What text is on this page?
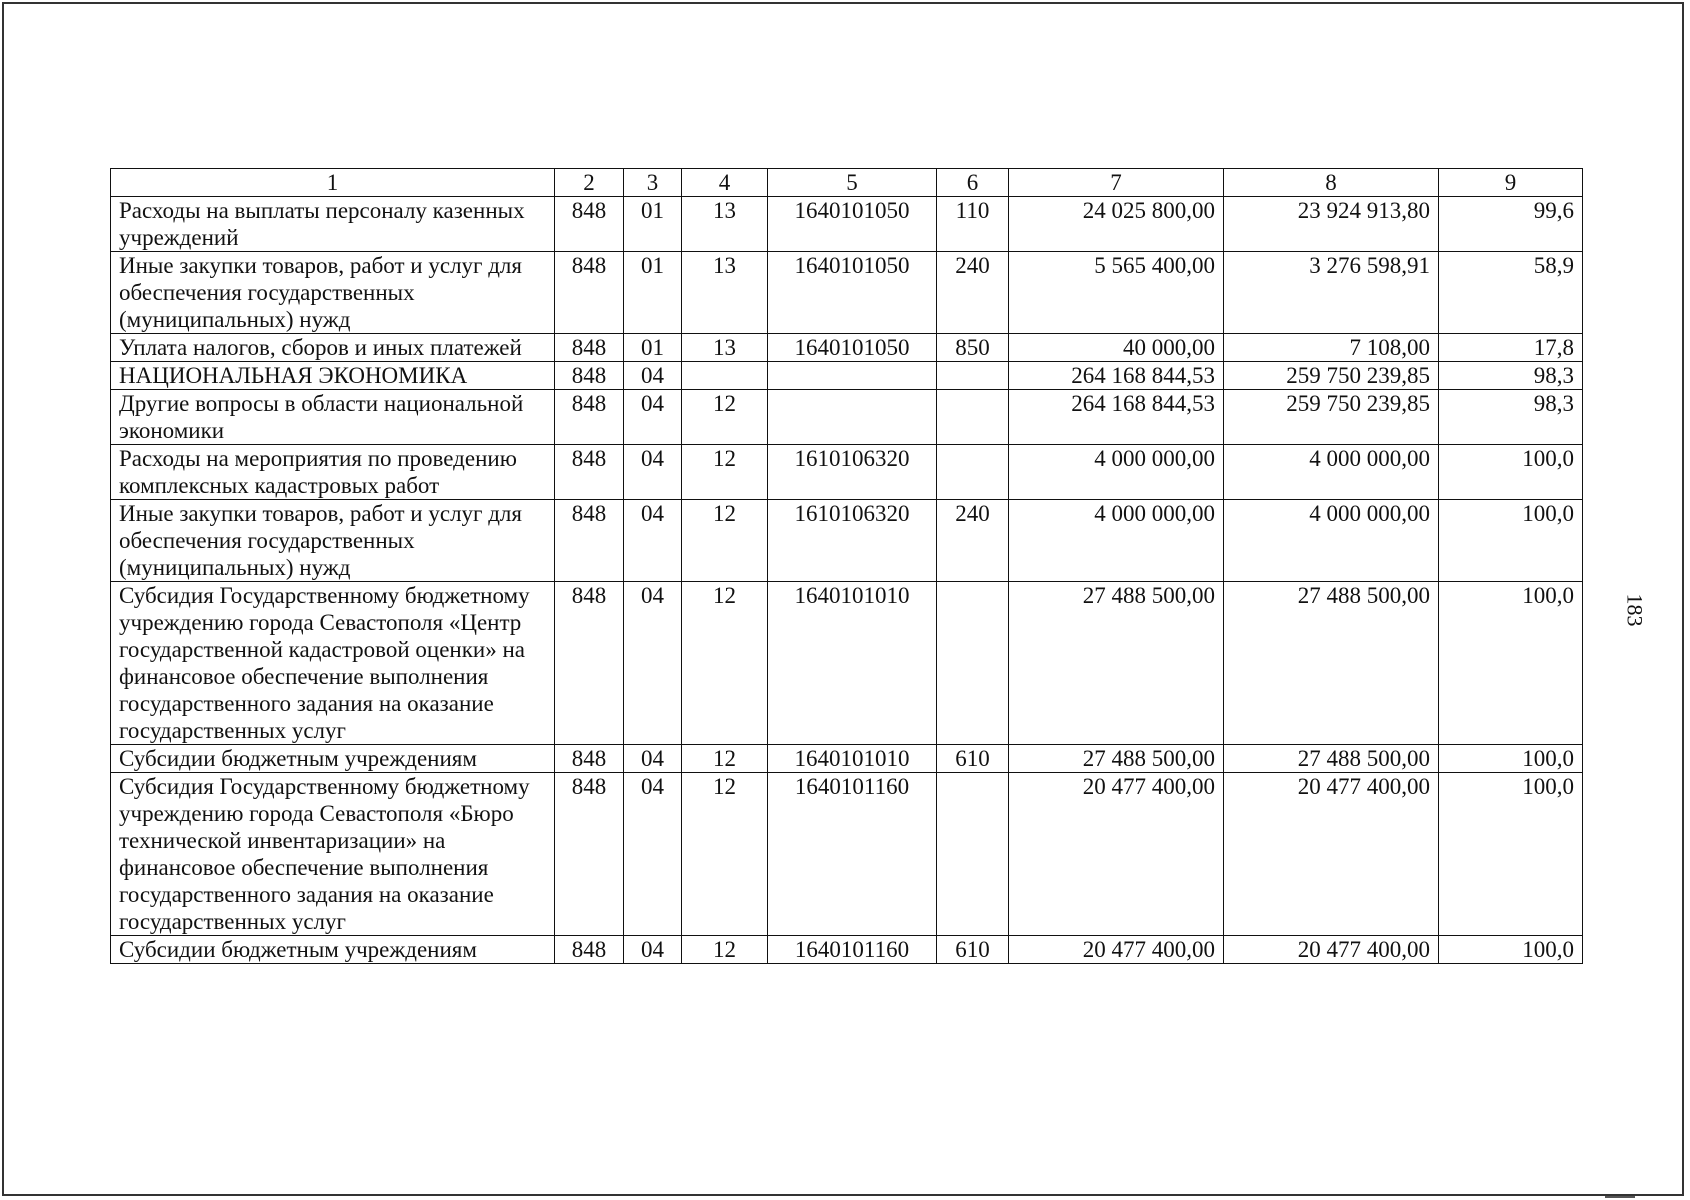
183
1	2	3	4	5	6	7	8	9
Расходы на выплаты персоналу казенных учреждений	848	01	13	1640101050	110	24 025 800,00	23 924 913,80	99,6
Иные закупки товаров, работ и услуг для обеспечения государственных (муниципальных) нужд	848	01	13	1640101050	240	5 565 400,00	3 276 598,91	58,9
Уплата налогов, сборов и иных платежей	848	01	13	1640101050	850	40 000,00	7 108,00	17,8
НАЦИОНАЛЬНАЯ ЭКОНОМИКА	848	04				264 168 844,53	259 750 239,85	98,3
Другие вопросы в области национальной экономики	848	04	12			264 168 844,53	259 750 239,85	98,3
Расходы на мероприятия по проведению комплексных кадастровых работ	848	04	12	1610106320		4 000 000,00	4 000 000,00	100,0
Иные закупки товаров, работ и услуг для обеспечения государственных (муниципальных) нужд	848	04	12	1610106320	240	4 000 000,00	4 000 000,00	100,0
Субсидия Государственному бюджетному учреждению города Севастополя «Центр государственной кадастровой оценки» на финансовое обеспечение выполнения государственного задания на оказание государственных услуг	848	04	12	1640101010		27 488 500,00	27 488 500,00	100,0
Субсидии бюджетным учреждениям	848	04	12	1640101010	610	27 488 500,00	27 488 500,00	100,0
Субсидия Государственному бюджетному учреждению города Севастополя «Бюро технической инвентаризации» на финансовое обеспечение выполнения государственного задания на оказание государственных услуг	848	04	12	1640101160		20 477 400,00	20 477 400,00	100,0
Субсидии бюджетным учреждениям	848	04	12	1640101160	610	20 477 400,00	20 477 400,00	100,0
